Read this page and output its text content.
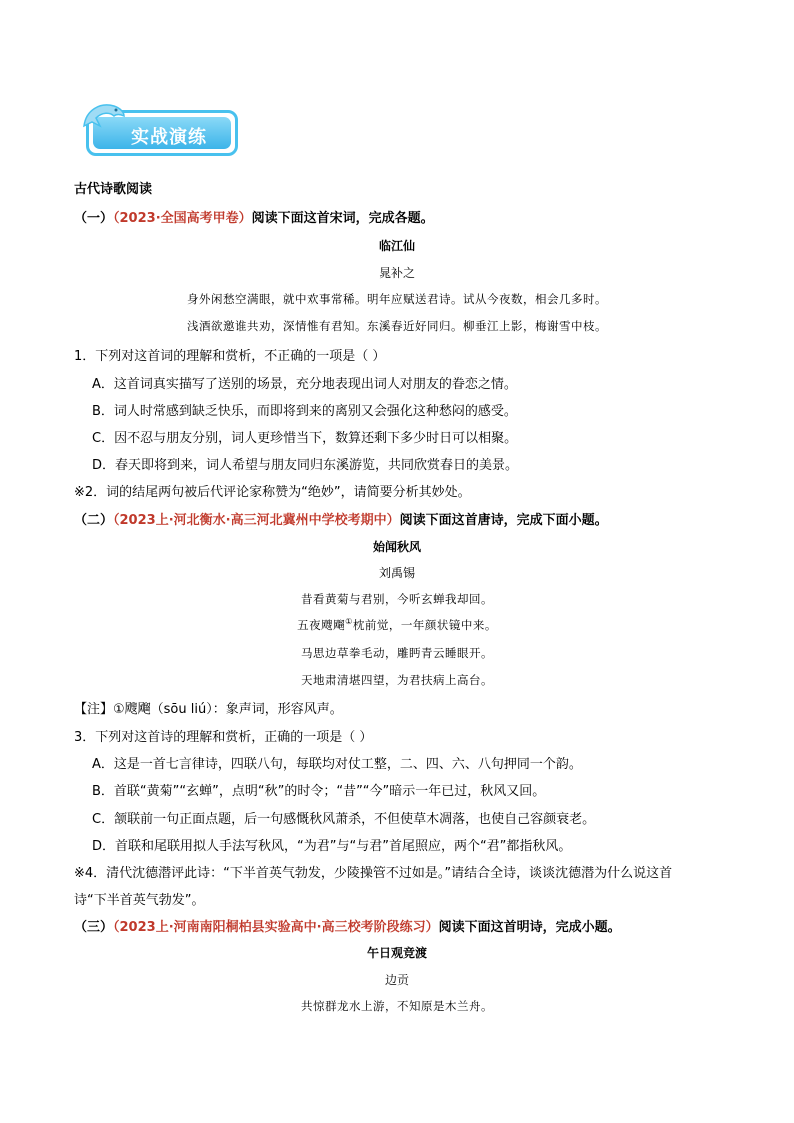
实战演练
古代诗歌阅读
（一）（2023·全国高考甲卷）阅读下面这首宋词，完成各题。
临江仙
晁补之
身外闲愁空满眼，就中欢事常稀。明年应赋送君诗。试从今夜数，相会几多时。
浅酒欲邀谁共劝，深情惟有君知。东溪春近好同归。柳垂江上影，梅谢雪中枝。
1．下列对这首词的理解和赏析，不正确的一项是（ ）
A．这首词真实描写了送别的场景，充分地表现出词人对朋友的眷恋之情。
B．词人时常感到缺乏快乐，而即将到来的离别又会强化这种愁闷的感受。
C．因不忍与朋友分别，词人更珍惜当下，数算还剩下多少时日可以相聚。
D．春天即将到来，词人希望与朋友同归东溪游览，共同欣赏春日的美景。
※2．词的结尾两句被后代评论家称赞为“绝妙”，请简要分析其妙处。
（二）（2023上·河北衡水·高三河北冀州中学校考期中）阅读下面这首唐诗，完成下面小题。
始闻秋风
刘禹锡
昔看黄菊与君别，今听玄蝉我却回。
五夜飕飗①枕前觉，一年颜状镜中来。
马思边草拳毛动，雕眄青云睡眼开。
天地肃清堪四望，为君扶病上高台。
【注】①飕飗（sōu liú）：象声词，形容风声。
3．下列对这首诗的理解和赏析，正确的一项是（ ）
A．这是一首七言律诗，四联八句，每联均对仗工整，二、四、六、八句押同一个韵。
B．首联“黄菊”“玄蝉”，点明“秋”的时令；“昔”“今”暗示一年已过，秋风又回。
C．颔联前一句正面点题，后一句感慨秋风萧杀，不但使草木凋落，也使自己容颜衰老。
D．首联和尾联用拟人手法写秋风，“为君”与“与君”首尾照应，两个“君”都指秋风。
※4．清代沈德潜评此诗：“下半首英气勃发，少陵操管不过如是。”请结合全诗，谈谈沈德潜为什么说这首
诗“下半首英气勃发”。
（三）（2023上·河南南阳桐柏县实验高中·高三校考阶段练习）阅读下面这首明诗，完成小题。
午日观竞渡
边贡
共惊群龙水上游，不知原是木兰舟。
